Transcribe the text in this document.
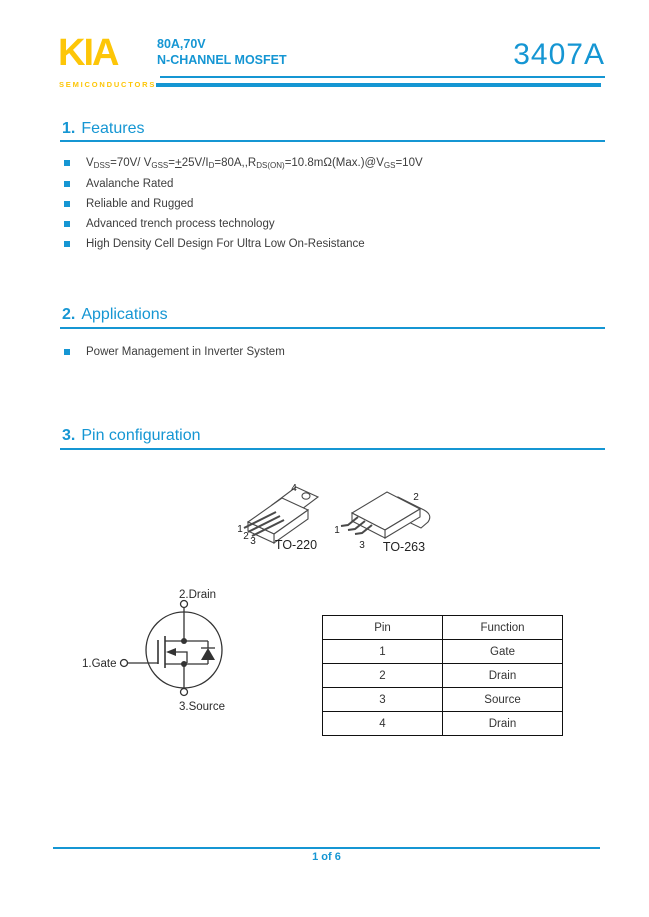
KIA
SEMICONDUCTORS
80A,70V
N-CHANNEL MOSFET	3407A
1. Features
$V_{DSS}=70V/$ $V_{GSS}=+25V/I_D=80A,,R_{DS(ON)}=10.8m\Omega(Max.)@V_{GS}=10V$
Avalanche Rated
Reliable and Rugged
Advanced trench process technology
High Density Cell Design For Ultra Low On-Resistance
2. Applications
Power Management in Inverter System
3. Pin configuration
1
2 3
4
TO-220
1
3
2
TO-263
2.Drain
1.Gate
3.Source
Pin	Function
1	Gate
2	Drain
3	Source
4	Drain
1 of 6
